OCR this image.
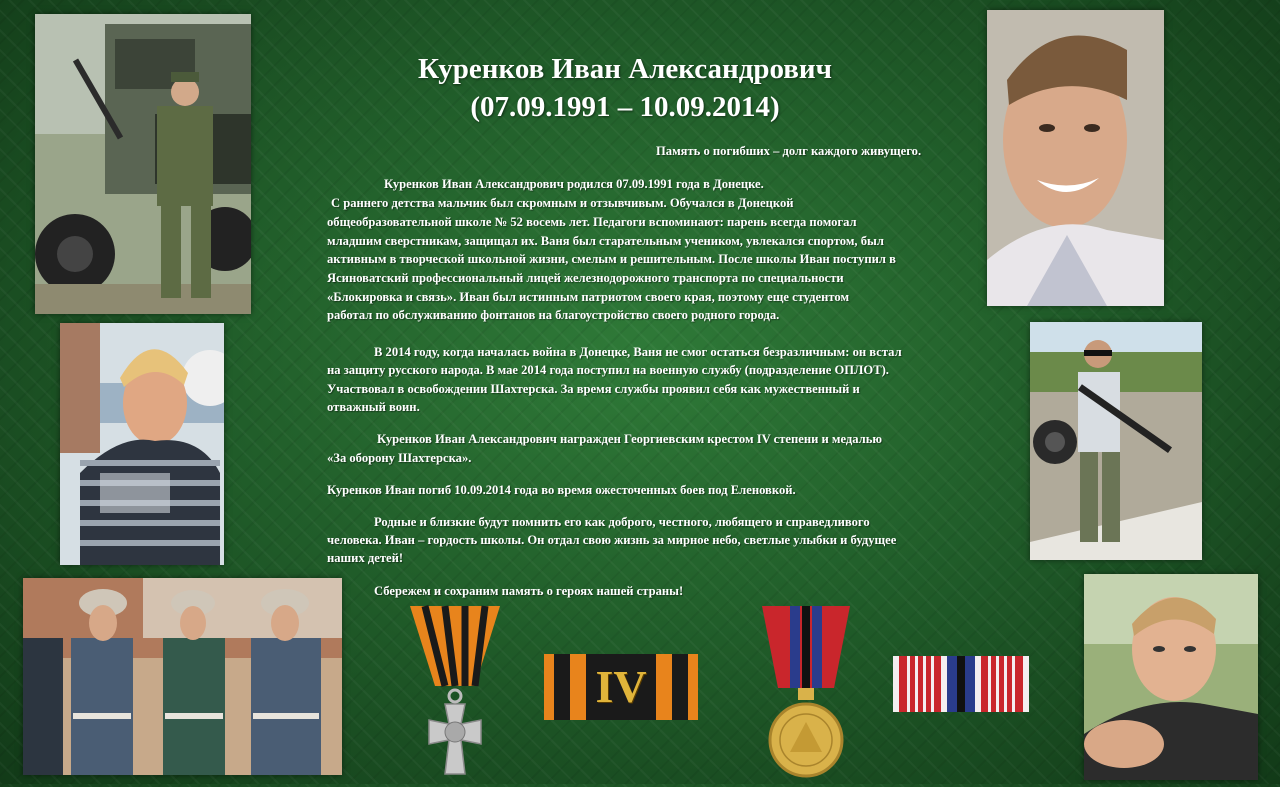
Куренков Иван Александрович
(07.09.1991 – 10.09.2014)
Память о погибших – долг каждого живущего.
Куренков Иван Александрович родился 07.09.1991 года в Донецке.
С раннего детства мальчик был скромным и отзывчивым. Обучался в Донецкой
общеобразовательной школе № 52 восемь лет. Педагоги вспоминают: парень всегда помогал
младшим сверстникам, защищал их. Ваня был старательным учеником, увлекался спортом, был
активным в творческой школьной жизни, смелым и решительным. После школы Иван поступил в
Ясиноватский профессиональный лицей железнодорожного транспорта по специальности
«Блокировка и связь». Иван был истинным патриотом своего края, поэтому еще студентом
работал по обслуживанию фонтанов на благоустройство своего родного города.
В 2014 году, когда началась война в Донецке, Ваня не смог остаться безразличным: он встал
на защиту русского народа. В мае 2014 года поступил на военную службу (подразделение ОПЛОТ).
Участвовал в освобождении Шахтерска. За время службы проявил себя как мужественный и
отважный воин.
Куренков Иван Александрович награжден Георгиевским крестом IV степени и медалью
«За оборону Шахтерска».
Куренков Иван погиб 10.09.2014 года во время ожесточенных боев под Еленовкой.
Родные и близкие будут помнить его как доброго, честного, любящего и справедливого
человека. Иван – гордость школы. Он отдал свою жизнь за мирное небо, светлые улыбки и будущее
наших детей!
Сбережем и сохраним память о героях нашей страны!
IV
